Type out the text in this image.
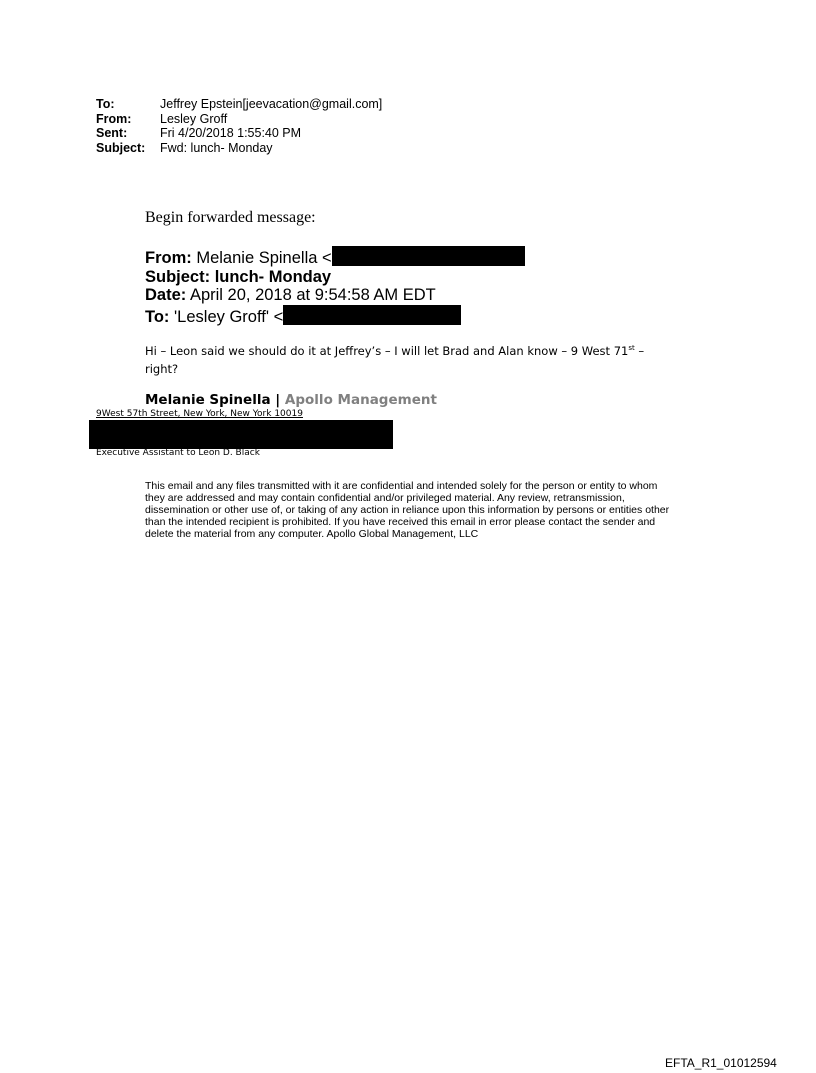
To:	Jeffrey Epstein[jeevacation@gmail.com]
From:	Lesley Groff
Sent:	Fri 4/20/2018 1:55:40 PM
Subject:	Fwd: lunch- Monday
Begin forwarded message:
From: Melanie Spinella <
Subject: lunch- Monday
Date: April 20, 2018 at 9:54:58 AM EDT
To: 'Lesley Groff' <
Hi – Leon said we should do it at Jeffrey’s – I will let Brad and Alan know – 9 West 71st –
right?
Melanie Spinella | Apollo Management
9West 57th Street, New York, New York 10019
Executive Assistant to Leon D. Black
This email and any files transmitted with it are confidential and intended solely for the person or entity to whom they are addressed and may contain confidential and/or privileged material. Any review, retransmission, dissemination or other use of, or taking of any action in reliance upon this information by persons or entities other than the intended recipient is prohibited. If you have received this email in error please contact the sender and delete the material from any computer. Apollo Global Management, LLC
EFTA_R1_01012594
